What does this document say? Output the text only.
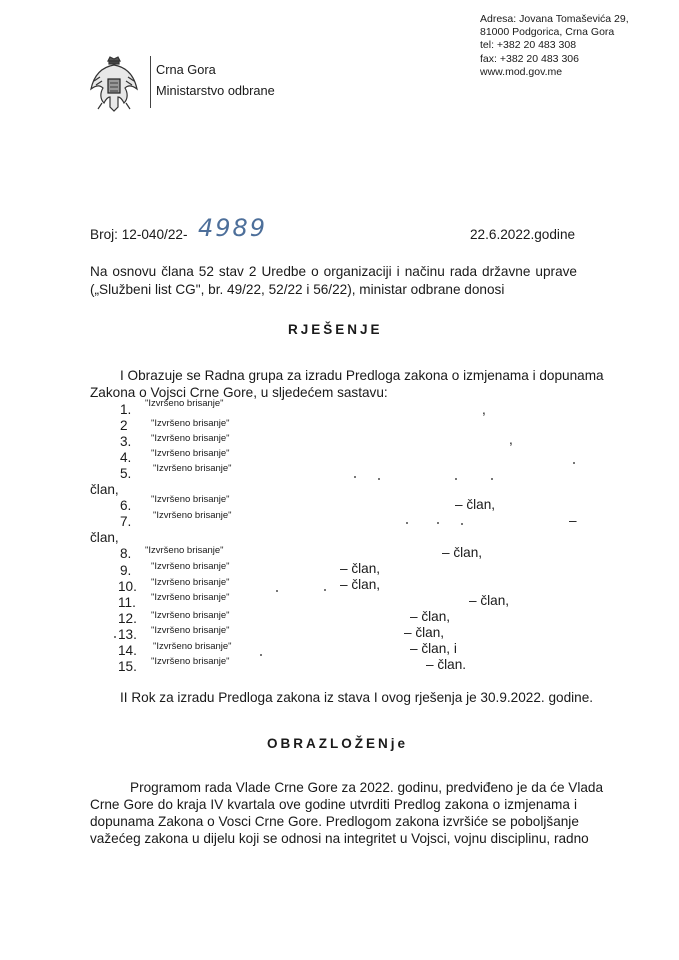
Crna Gora
Ministarstvo odbrane
Adresa: Jovana Tomaševića 29,
81000 Podgorica, Crna Gora
tel: +382 20 483 308
fax: +382 20 483 306
www.mod.gov.me
Broj: 12-040/22- 4989	22.6.2022.godine
Na osnovu člana 52 stav 2 Uredbe o organizaciji i načinu rada državne uprave
(„Službeni list CG", br. 49/22, 52/22 i 56/22), ministar odbrane donosi
RJEŠENJE
I Obrazuje se Radna grupa za izradu Predloga zakona o izmjenama i dopunama
Zakona o Vojsci Crne Gore, u sljedećem sastavu:
1. "Izvršeno brisanje"	,
2 "Izvršeno brisanje"
3. "Izvršeno brisanje"	,
4. "Izvršeno brisanje"
5. "Izvršeno brisanje"
član,
6. "Izvršeno brisanje"	– član,
7. "Izvršeno brisanje"	–
član,
8. "Izvršeno brisanje"	– član,
9. "Izvršeno brisanje"	– član,
10. "Izvršeno brisanje"	– član,
11. "Izvršeno brisanje"	– član,
12. "Izvršeno brisanje"	– član,
13. "Izvršeno brisanje"	– član,
14. "Izvršeno brisanje"	– član, i
15. "Izvršeno brisanje"	– član.
II Rok za izradu Predloga zakona iz stava I ovog rješenja je 30.9.2022. godine.
OBRAZLOŽENje
Programom rada Vlade Crne Gore za 2022. godinu, predviđeno je da će Vlada
Crne Gore do kraja IV kvartala ove godine utvrditi Predlog zakona o izmjenama i
dopunama Zakona o Vosci Crne Gore. Predlogom zakona izvršiće se poboljšanje
važećeg zakona u dijelu koji se odnosi na integritet u Vojsci, vojnu disciplinu, radno
